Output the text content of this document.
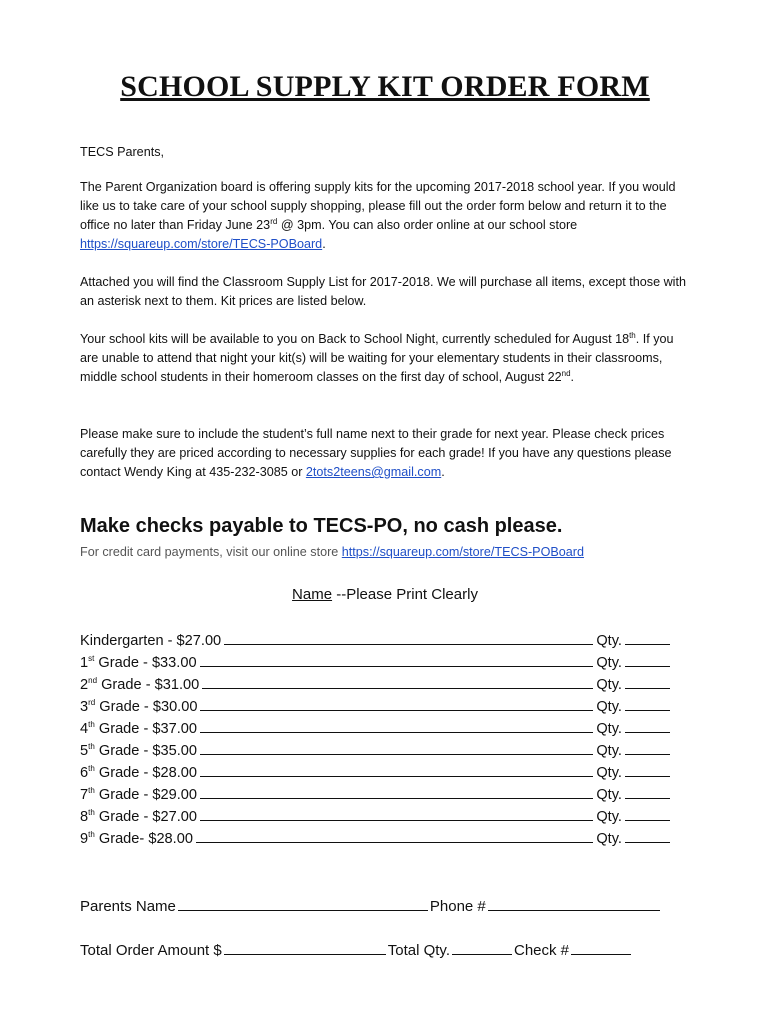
SCHOOL SUPPLY KIT ORDER FORM

TECS Parents,

The Parent Organization board is offering supply kits for the upcoming 2017-2018 school year. If you would like us to take care of your school supply shopping, please fill out the order form below and return it to the office no later than Friday June 23rd @ 3pm. You can also order online at our school store https://squareup.com/store/TECS-POBoard.

Attached you will find the Classroom Supply List for 2017-2018. We will purchase all items, except those with an asterisk next to them. Kit prices are listed below.

Your school kits will be available to you on Back to School Night, currently scheduled for August 18th. If you are unable to attend that night your kit(s) will be waiting for your elementary students in their classrooms, middle school students in their homeroom classes on the first day of school, August 22nd.

Please make sure to include the student’s full name next to their grade for next year. Please check prices carefully they are priced according to necessary supplies for each grade! If you have any questions please contact Wendy King at 435-232-3085 or 2tots2teens@gmail.com.

Make checks payable to TECS-PO, no cash please.
For credit card payments, visit our online store https://squareup.com/store/TECS-POBoard
Name --Please Print Clearly
Kindergarten - $27.00	Qty.
1st Grade - $33.00	Qty.
2nd Grade - $31.00	Qty.
3rd Grade - $30.00	Qty.
4th Grade - $37.00	Qty.
5th Grade - $35.00	Qty.
6th Grade - $28.00	Qty.
7th Grade - $29.00	Qty.
8th Grade - $27.00	Qty.
9th Grade- $28.00	Qty.
Parents Name	Phone #
Total Order Amount $	Total Qty.	Check #
